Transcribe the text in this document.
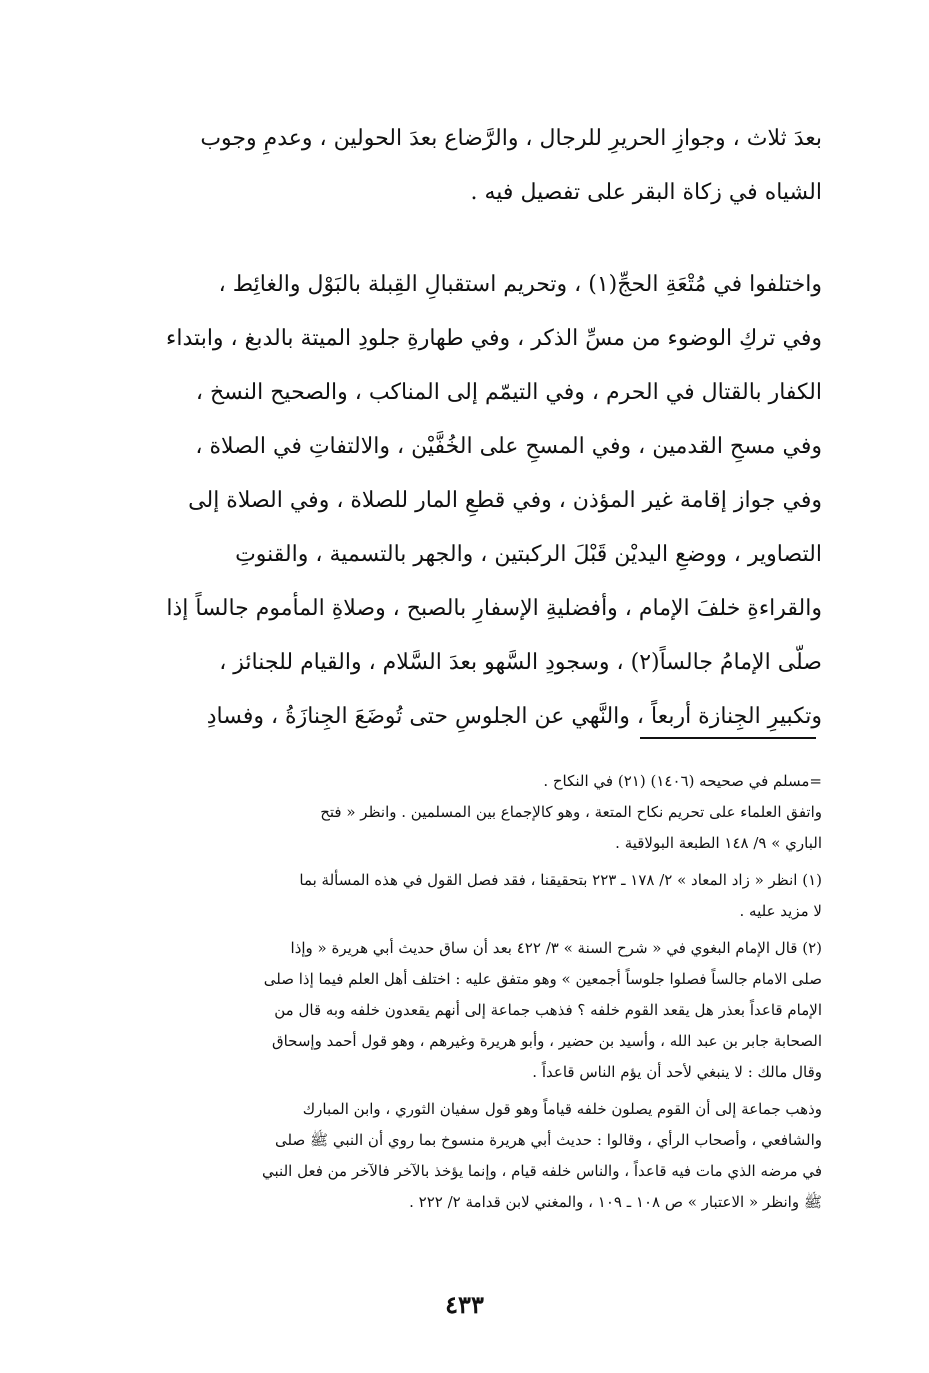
بعدَ ثلاث ، وجوازِ الحريرِ للرجال ، والرَّضاع بعدَ الحولين ، وعدمِ وجوب
الشياه في زكاة البقر على تفصيل فيه .
واختلفوا في مُتْعَةِ الحجِّ(١) ، وتحريم استقبالِ القِبلة بالبَوْل والغائِط ،
وفي تركِ الوضوء من مسِّ الذكر ، وفي طهارةِ جلودِ الميتة بالدبغ ، وابتداء
الكفار بالقتال في الحرم ، وفي التيمّم إلى المناكب ، والصحيح النسخ ،
وفي مسحِ القدمين ، وفي المسحِ على الخُفَّيْن ، والالتفاتِ في الصلاة ،
وفي جواز إقامة غير المؤذن ، وفي قطعِ المار للصلاة ، وفي الصلاة إلى
التصاوير ، ووضعِ اليديْن قَبْلَ الركبتين ، والجهر بالتسمية ، والقنوتِ
والقراءةِ خلفَ الإمام ، وأفضليةِ الإسفارِ بالصبح ، وصلاةِ المأموم جالساً إذا
صلّى الإمامُ جالساً(٢) ، وسجودِ السَّهو بعدَ السَّلام ، والقيام للجنائز ،
وتكبيرِ الجِنازة أربعاً ، والنَّهي عن الجلوسِ حتى تُوضَعَ الجِنازَةُ ، وفسادِ
=مسلم في صحيحه (١٤٠٦) (٢١) في النكاح .
واتفق العلماء على تحريم نكاح المتعة ، وهو كالإجماع بين المسلمين . وانظر « فتح
الباري » ٩/ ١٤٨ الطبعة البولاقية .
(١) انظر « زاد المعاد » ٢/ ١٧٨ ـ ٢٢٣ بتحقيقنا ، فقد فصل القول في هذه المسألة بما
لا مزيد عليه .
(٢) قال الإمام البغوي في « شرح السنة » ٣/ ٤٢٢ بعد أن ساق حديث أبي هريرة « وإذا
صلى الامام جالساً فصلوا جلوساً أجمعين » وهو متفق عليه : اختلف أهل العلم فيما إذا صلى
الإمام قاعداً بعذر هل يقعد القوم خلفه ؟ فذهب جماعة إلى أنهم يقعدون خلفه وبه قال من
الصحابة جابر بن عبد الله ، وأسيد بن حضير ، وأبو هريرة وغيرهم ، وهو قول أحمد وإسحاق
وقال مالك : لا ينبغي لأحد أن يؤم الناس قاعداً .
وذهب جماعة إلى أن القوم يصلون خلفه قياماً وهو قول سفيان الثوري ، وابن المبارك
والشافعي ، وأصحاب الرأي ، وقالوا : حديث أبي هريرة منسوخ بما روي أن النبي ﷺ صلى
في مرضه الذي مات فيه قاعداً ، والناس خلفه قيام ، وإنما يؤخذ بالآخر فالآخر من فعل النبي
ﷺ وانظر « الاعتبار » ص ١٠٨ ـ ١٠٩ ، والمغني لابن قدامة ٢/ ٢٢٢ .
٤٣٣
